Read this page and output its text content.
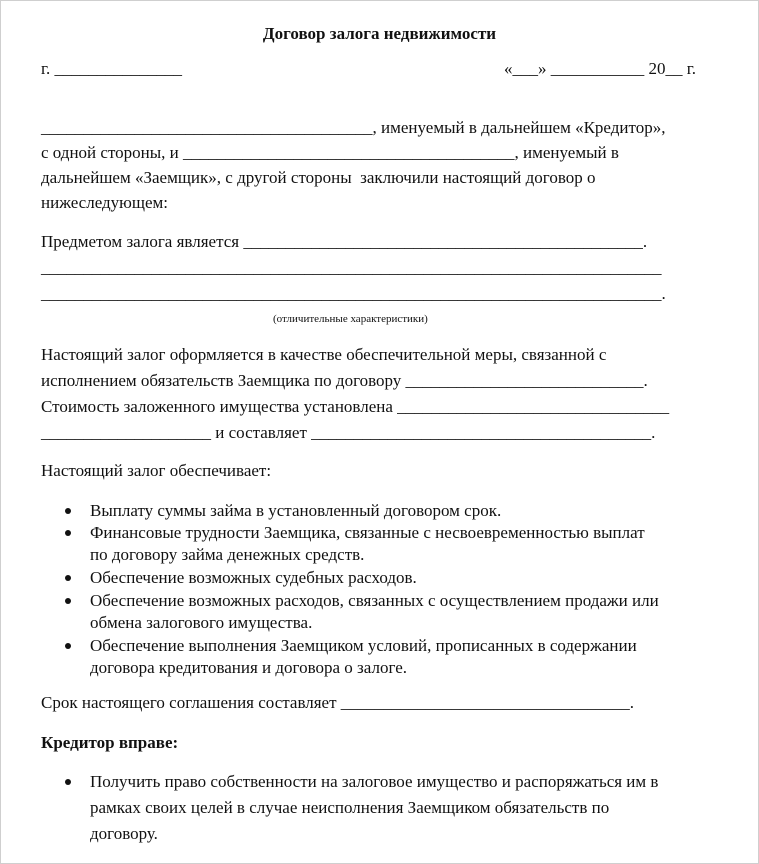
Договор залога недвижимости
г. _______________	«___» ___________ 20__ г.
_______________________________________, именуемый в дальнейшем «Кредитор»,
с одной стороны, и _______________________________________, именуемый в
дальнейшем «Заемщик», с другой стороны  заключили настоящий договор о
нижеследующем:
Предметом залога является _______________________________________________.
_________________________________________________________________________
_________________________________________________________________________.
(отличительные характеристики)
Настоящий залог оформляется в качестве обеспечительной меры, связанной с
исполнением обязательств Заемщика по договору ____________________________.
Стоимость заложенного имущества установлена ________________________________
____________________ и составляет ________________________________________.
Настоящий залог обеспечивает:
Выплату суммы займа в установленный договором срок.
Финансовые трудности Заемщика, связанные с несвоевременностью выплат
по договору займа денежных средств.
Обеспечение возможных судебных расходов.
Обеспечение возможных расходов, связанных с осуществлением продажи или
обмена залогового имущества.
Обеспечение выполнения Заемщиком условий, прописанных в содержании
договора кредитования и договора о залоге.
Срок настоящего соглашения составляет __________________________________.
Кредитор вправе:
Получить право собственности на залоговое имущество и распоряжаться им в
рамках своих целей в случае неисполнения Заемщиком обязательств по
договору.
